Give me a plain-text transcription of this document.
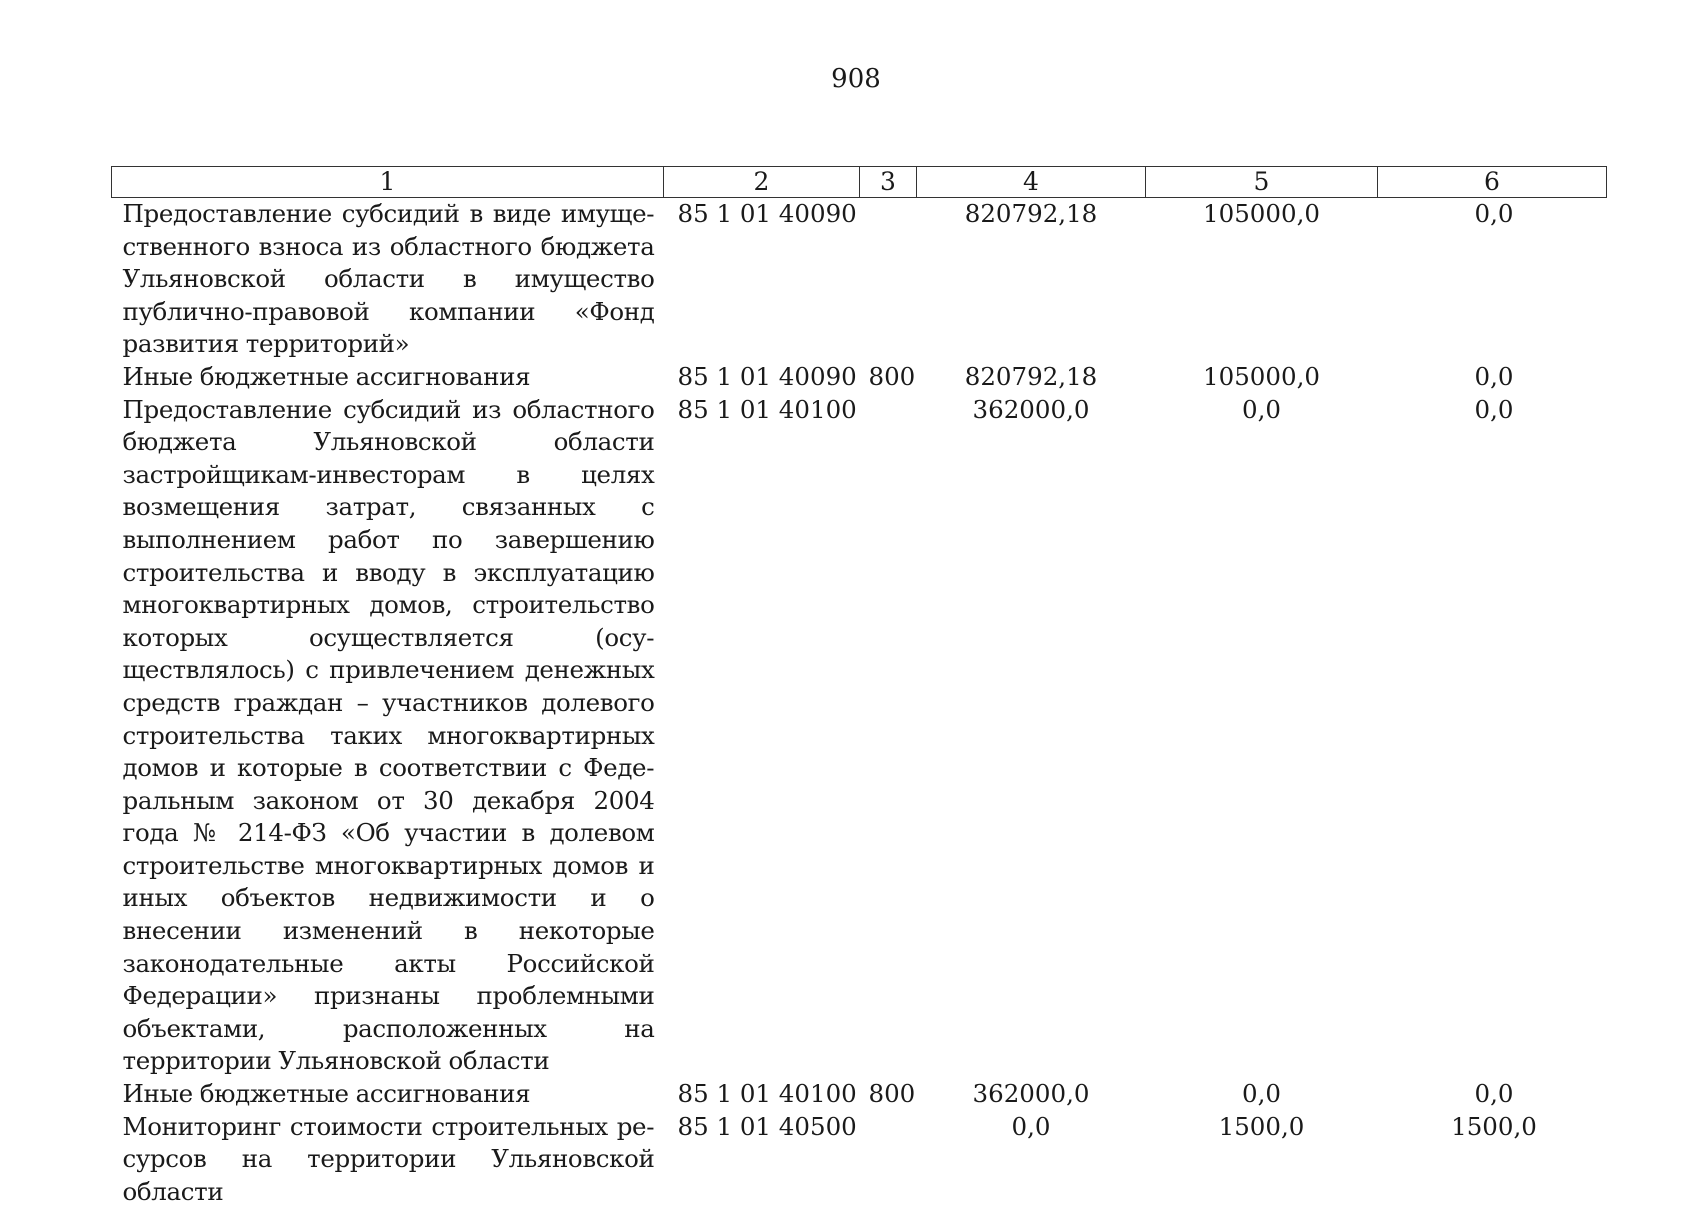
908
1	2	3	4	5	6
Предоставление субсидий в виде имущественного взноса из областного бюджета Ульяновской области в имущество публично-правовой компании «Фонд развития территорий»	85 1 01 40090		820792,18	105000,0	0,0
Иные бюджетные ассигнования	85 1 01 40090	800	820792,18	105000,0	0,0
Предоставление субсидий из областного бюджета Ульяновской области застройщикам-инвесторам в целях возмещения затрат, связанных с выполнением работ по завершению строительства и вводу в эксплуатацию многоквартирных домов, строительство которых осуществляется (осуществлялось) с привлечением денежных средств граждан – участников долевого строительства таких многоквартирных домов и которые в соответствии с Федеральным законом от 30 декабря 2004 года № 214-ФЗ «Об участии в долевом строительстве многоквартирных домов и иных объектов недвижимости и о внесении изменений в некоторые законодательные акты Российской Федерации» признаны проблемными объектами, расположенных на территории Ульяновской области	85 1 01 40100		362000,0	0,0	0,0
Иные бюджетные ассигнования	85 1 01 40100	800	362000,0	0,0	0,0
Мониторинг стоимости строительных ресурсов на территории Ульяновской области	85 1 01 40500		0,0	1500,0	1500,0
